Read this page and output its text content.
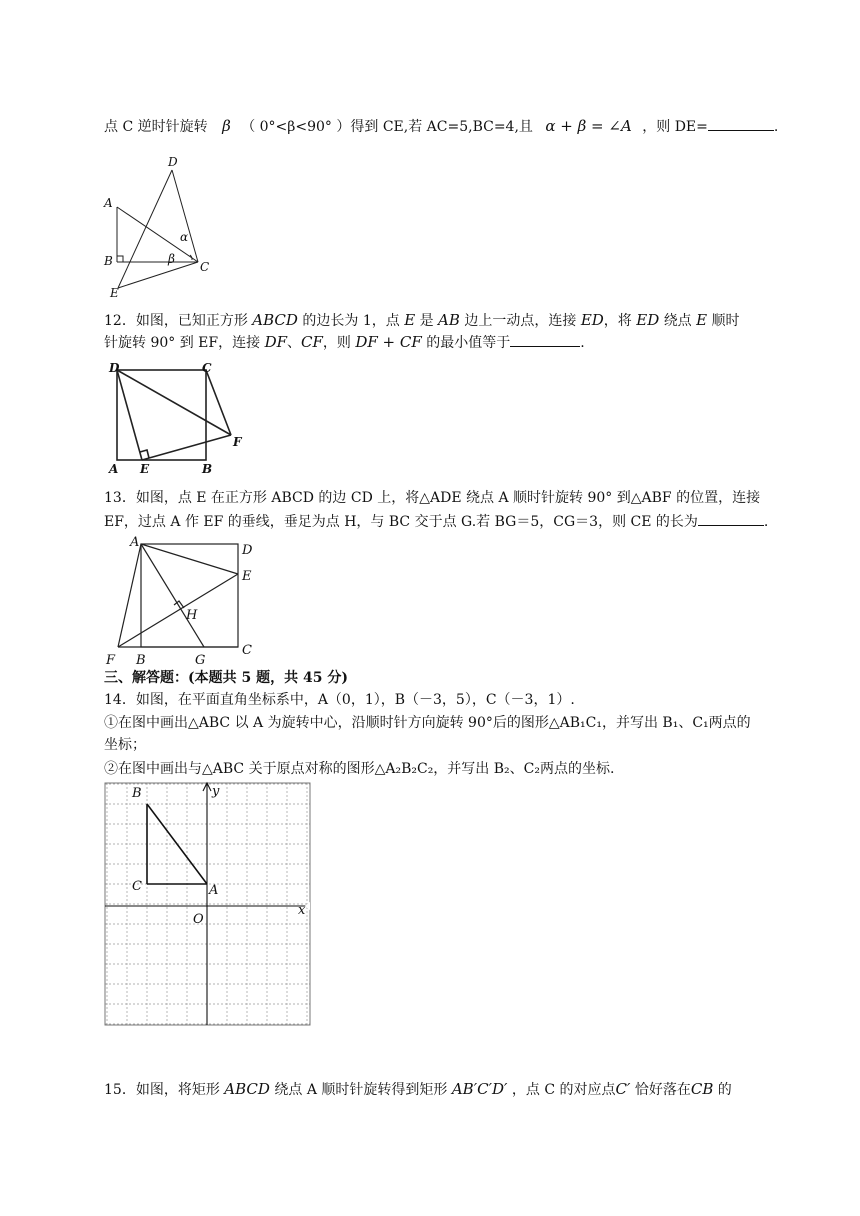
点 C 逆时针旋转 β （ 0°<β<90° ）得到 CE,若 AC=5,BC=4,且 α + β = ∠A ，则 DE=	.
D
A
α
B	β
C
E
12．如图，已知正方形 ABCD 的边长为 1，点 E 是 AB 边上一动点，连接 ED，将 ED 绕点 E 顺时
针旋转 90° 到 EF，连接 DF、CF，则 DF + CF 的最小值等于	.
D	C
F
A E	B
13．如图，点 E 在正方形 ABCD 的边 CD 上，将△ADE 绕点 A 顺时针旋转 90° 到△ABF 的位置，连接
EF，过点 A 作 EF 的垂线，垂足为点 H，与 BC 交于点 G.若 BG＝5，CG＝3，则 CE 的长为	.
A
D
E
H
C
F B	G
三、解答题：(本题共 5 题，共 45 分)
14．如图，在平面直角坐标系中，A（0，1），B（－3，5），C（－3，1）.
①在图中画出△ABC 以 A 为旋转中心，沿顺时针方向旋转 90°后的图形△AB₁C₁，并写出 B₁、C₁两点的
坐标；
②在图中画出与△ABC 关于原点对称的图形△A₂B₂C₂，并写出 B₂、C₂两点的坐标.
B	y
C	A
O
x
15．如图，将矩形 ABCD 绕点 A 顺时针旋转得到矩形 AB′C′D′ ，点 C 的对应点C′ 恰好落在CB 的
